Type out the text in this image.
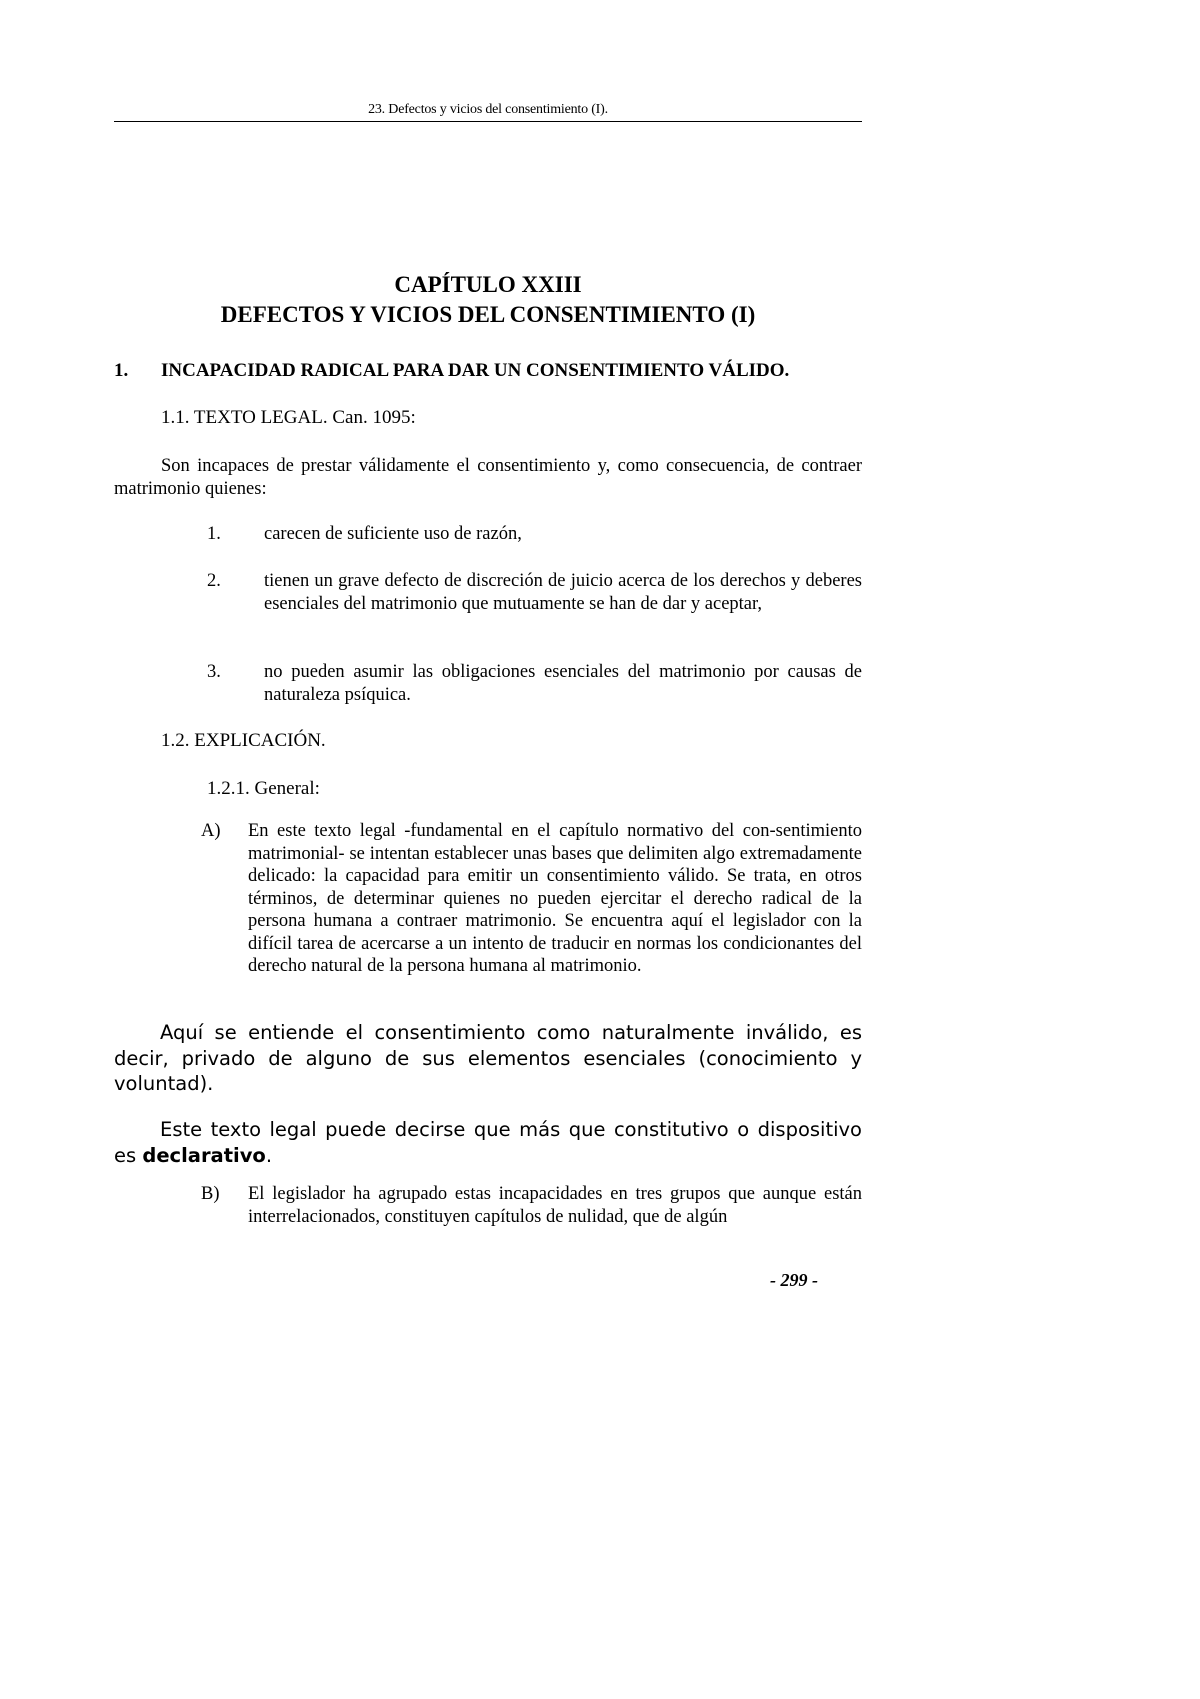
23. Defectos y vicios del consentimiento (I).
CAPÍTULO XXIII
DEFECTOS Y VICIOS DEL CONSENTIMIENTO (I)
1. INCAPACIDAD RADICAL PARA DAR UN CONSENTIMIENTO VÁLIDO.
1.1. TEXTO LEGAL. Can. 1095:
Son incapaces de prestar válidamente el consentimiento y, como consecuencia, de contraer matrimonio quienes:
1. carecen de suficiente uso de razón,
2. tienen un grave defecto de discreción de juicio acerca de los derechos y deberes esenciales del matrimonio que mutuamente se han de dar y aceptar,
3. no pueden asumir las obligaciones esenciales del matrimonio por causas de naturaleza psíquica.
1.2. EXPLICACIÓN.
1.2.1. General:
A) En este texto legal -fundamental en el capítulo normativo del con-sentimiento matrimonial- se intentan establecer unas bases que delimiten algo extremadamente delicado: la capacidad para emitir un consentimiento válido. Se trata, en otros términos, de determinar quienes no pueden ejercitar el derecho radical de la persona humana a contraer matrimonio. Se encuentra aquí el legislador con la difícil tarea de acercarse a un intento de traducir en normas los condicionantes del derecho natural de la persona humana al matrimonio.
Aquí se entiende el consentimiento como naturalmente inválido, es decir, privado de alguno de sus elementos esenciales (conocimiento y voluntad).
Este texto legal puede decirse que más que constitutivo o dispositivo es declarativo.
B) El legislador ha agrupado estas incapacidades en tres grupos que aunque están interrelacionados, constituyen capítulos de nulidad, que de algún
- 299 -
